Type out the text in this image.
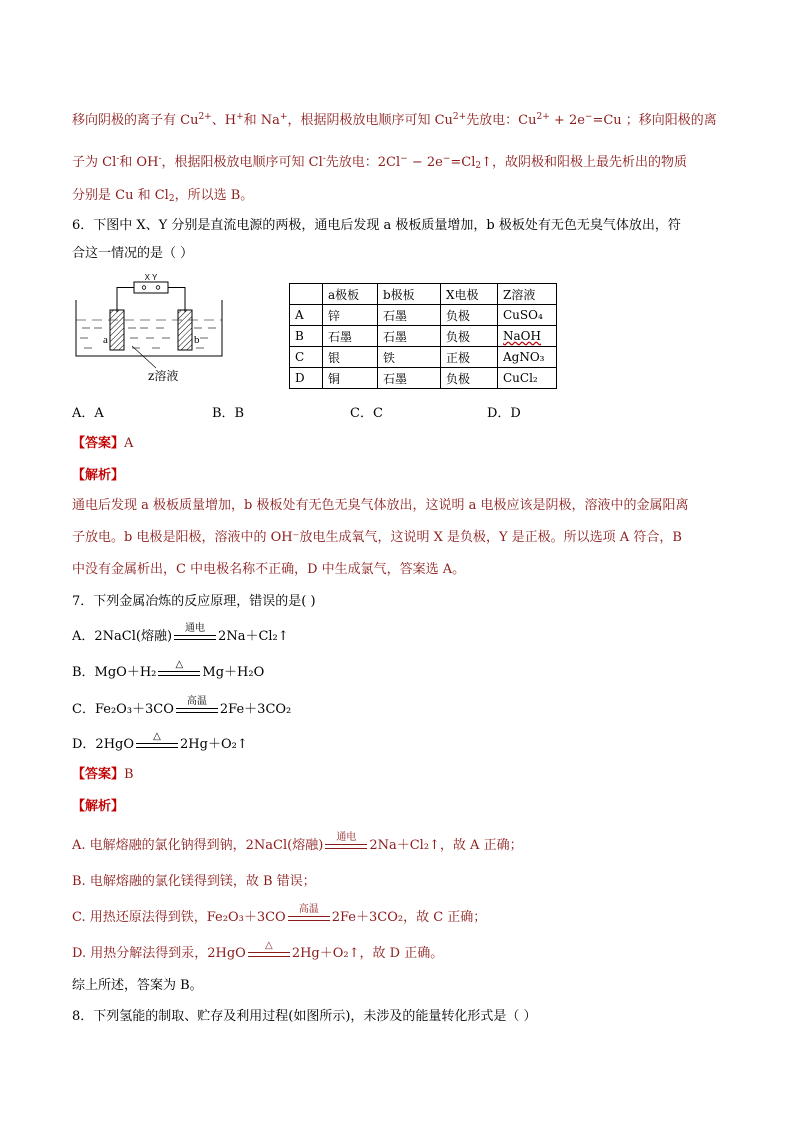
移向阴极的离子有 $Cu^{2+}$、H+和 Na+，根据阴极放电顺序可知 $Cu^{2+}$先放电：$Cu^{2+} + 2e^-=Cu$ ；移向阳极的离
子为 Cl-和 OH-，根据阳极放电顺序可知 Cl-先放电：$2Cl^- - 2e^-=Cl_2↑$，故阴极和阳极上最先析出的物质
分别是 Cu 和 $Cl_2$，所以选 B。
6．下图中 X、Y 分别是直流电源的两极，通电后发现 a 极板质量增加，b 极板处有无色无臭气体放出，符
合这一情况的是（ ）
X Y
a	b
z溶液
	a极板	b极板	X电极	Z溶液
A	锌	石墨	负极	CuSO₄
B	石墨	石墨	负极	NaOH
C	银	铁	正极	AgNO₃
D	铜	石墨	负极	CuCl₂
A．A	B．B	C．C	D．D
【答案】A
【解析】
通电后发现 a 极板质量增加，b 极板处有无色无臭气体放出，这说明 a 电极应该是阴极，溶液中的金属阳离
子放电。b 电极是阳极，溶液中的 OH⁻放电生成氧气，这说明 X 是负极，Y 是正极。所以选项 A 符合，B
中没有金属析出，C 中电极名称不正确，D 中生成氯气，答案选 A。
7．下列金属冶炼的反应原理，错误的是( )
A．2NaCl(熔融)
通电
2Na＋Cl₂↑
B．MgO＋H₂
△
Mg＋H₂O
C．Fe₂O₃＋3CO
高温
2Fe＋3CO₂
D．2HgO
△
2Hg＋O₂↑
【答案】B
【解析】
A. 电解熔融的氯化钠得到钠，2NaCl(熔融)
通电
2Na＋Cl₂↑，故 A 正确；
B. 电解熔融的氯化镁得到镁，故 B 错误；
C. 用热还原法得到铁，Fe₂O₃＋3CO
高温
2Fe＋3CO₂，故 C 正确；
D. 用热分解法得到汞，2HgO
△
2Hg＋O₂↑，故 D 正确。
综上所述，答案为 B。
8．下列氢能的制取、贮存及利用过程(如图所示)，未涉及的能量转化形式是（ ）
